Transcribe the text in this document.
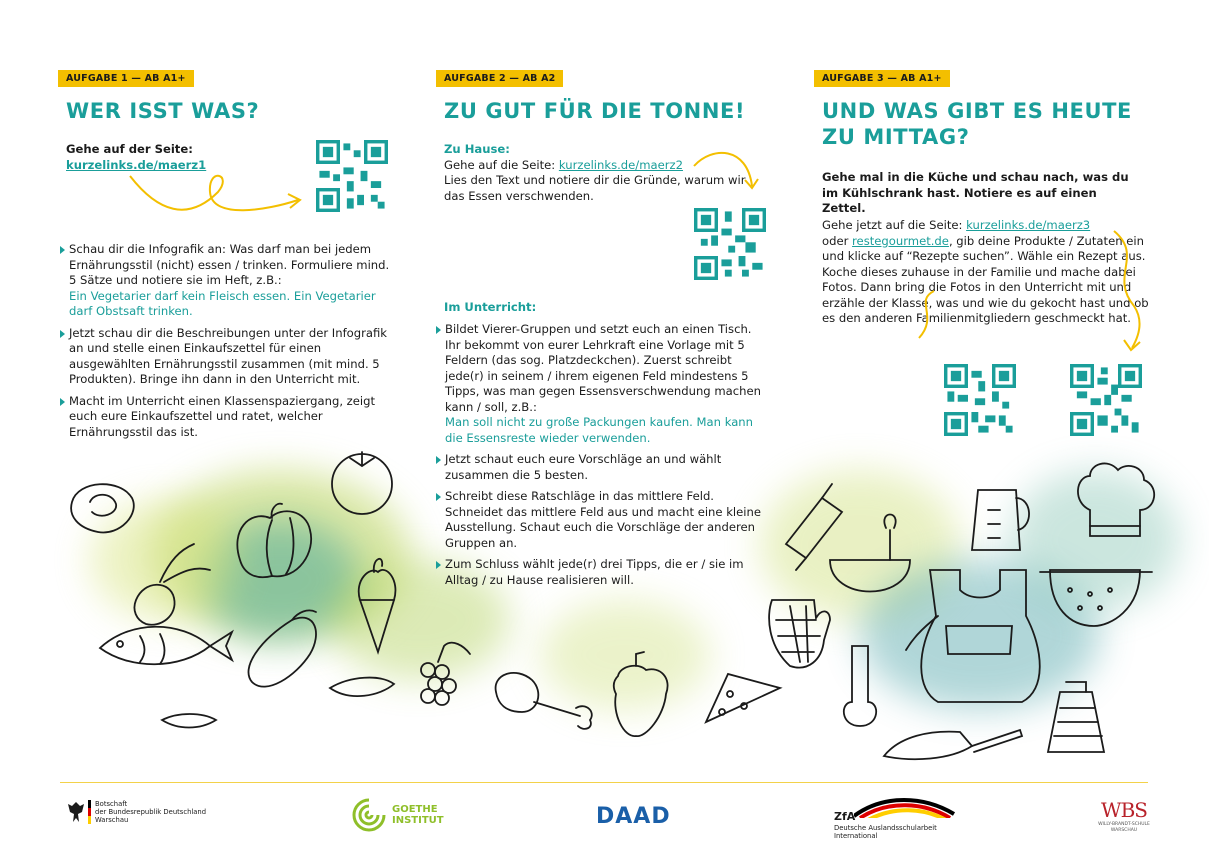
AUFGABE 1 — AB A1+
WER ISST WAS?

Gehe auf der Seite:
kurzelinks.de/maerz1

Schau dir die Infografik an: Was darf man bei jedem Ernährungsstil (nicht) essen / trinken. Formuliere mind. 5 Sätze und notiere sie im Heft, z.B.:
Ein Vegetarier darf kein Fleisch essen. Ein Vegetarier darf Obstsaft trinken.
Jetzt schau dir die Beschreibungen unter der Infografik an und stelle einen Einkaufszettel für einen ausgewählten Ernährungsstil zusammen (mit mind. 5 Produkten). Bringe ihn dann in den Unterricht mit.
Macht im Unterricht einen Klassenspaziergang, zeigt euch eure Einkaufszettel und ratet, welcher Ernährungsstil das ist.
AUFGABE 2 — AB A2
ZU GUT FÜR DIE TONNE!

Zu Hause:

Gehe auf die Seite: kurzelinks.de/maerz2
Lies den Text und notiere dir die Gründe, warum wir das Essen verschwenden.

Im Unterricht:

Bildet Vierer-Gruppen und setzt euch an einen Tisch. Ihr bekommt von eurer Lehrkraft eine Vorlage mit 5 Feldern (das sog. Platzdeckchen). Zuerst schreibt jede(r) in seinem / ihrem eigenen Feld mindestens 5 Tipps, was man gegen Essensverschwendung machen kann / soll, z.B.:
Man soll nicht zu große Packungen kaufen. Man kann die Essensreste wieder verwenden.
Jetzt schaut euch eure Vorschläge an und wählt zusammen die 5 besten.
Schreibt diese Ratschläge in das mittlere Feld. Schneidet das mittlere Feld aus und macht eine kleine Ausstellung. Schaut euch die Vorschläge der anderen Gruppen an.
Zum Schluss wählt jede(r) drei Tipps, die er / sie im Alltag / zu Hause realisieren will.
AUFGABE 3 — AB A1+
UND WAS GIBT ES HEUTE
ZU MITTAG?

Gehe mal in die Küche und schau nach, was du im Kühlschrank hast. Notiere es auf einen Zettel.

Gehe jetzt auf die Seite: kurzelinks.de/maerz3
oder restegourmet.de, gib deine Produkte / Zutaten ein und klicke auf “Rezepte suchen”. Wähle ein Rezept aus. Koche dieses zuhause in der Familie und mache dabei Fotos. Dann bring die Fotos in den Unterricht mit und erzähle der Klasse, was und wie du gekocht hast und ob es den anderen Familienmitgliedern geschmeckt hat.

Botschaft
der Bundesrepublik Deutschland
Warschau
GOETHE
INSTITUT	DAAD	ZfA
Deutsche Auslandsschularbeit
International
WBS
WILLY-BRANDT-SCHULE
WARSCHAU
